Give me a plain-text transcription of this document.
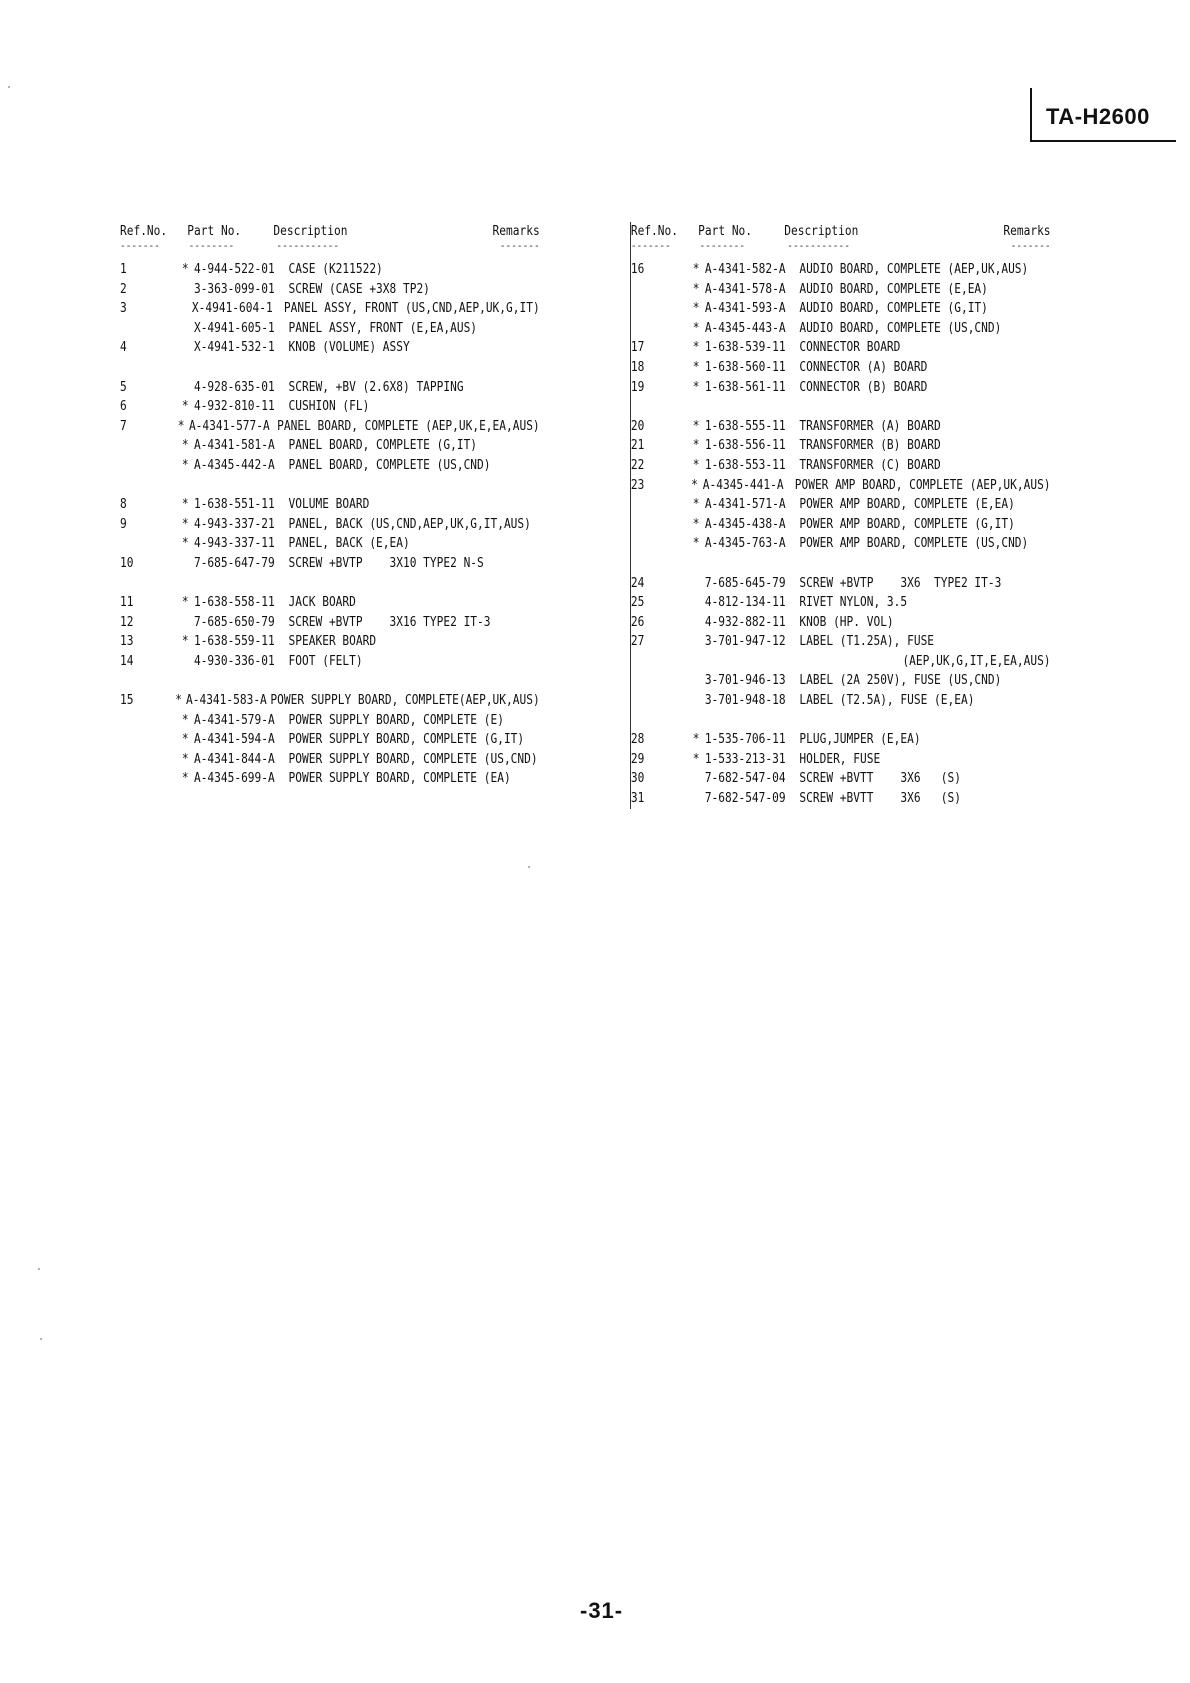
TA-H2600
Ref.No.	Part No.	Description	Remarks
-------	--------	-----------	-------
1	* 4-944-522-01	CASE (K211522)
2	3-363-099-01	SCREW (CASE +3X8 TP2)
3	X-4941-604-1 PANEL ASSY, FRONT (US,CND,AEP,UK,G,IT)
X-4941-605-1	PANEL ASSY, FRONT (E,EA,AUS)
4	X-4941-532-1	KNOB (VOLUME) ASSY
5	4-928-635-01	SCREW, +BV (2.6X8) TAPPING
6	* 4-932-810-11	CUSHION (FL)
7	* A-4341-577-A PANEL BOARD, COMPLETE (AEP,UK,E,EA,AUS)
* A-4341-581-A	PANEL BOARD, COMPLETE (G,IT)
* A-4345-442-A	PANEL BOARD, COMPLETE (US,CND)
8	* 1-638-551-11	VOLUME BOARD
9	* 4-943-337-21	PANEL, BACK (US,CND,AEP,UK,G,IT,AUS)
* 4-943-337-11	PANEL, BACK (E,EA)
10	7-685-647-79	SCREW +BVTP    3X10 TYPE2 N-S
11	* 1-638-558-11	JACK BOARD
12	7-685-650-79	SCREW +BVTP    3X16 TYPE2 IT-3
13	* 1-638-559-11	SPEAKER BOARD
14	4-930-336-01	FOOT (FELT)
15	* A-4341-583-A POWER SUPPLY BOARD, COMPLETE(AEP,UK,AUS)
* A-4341-579-A	POWER SUPPLY BOARD, COMPLETE (E)
* A-4341-594-A	POWER SUPPLY BOARD, COMPLETE (G,IT)
* A-4341-844-A	POWER SUPPLY BOARD, COMPLETE (US,CND)
* A-4345-699-A	POWER SUPPLY BOARD, COMPLETE (EA)
Ref.No.	Part No.	Description	Remarks
-------	--------	-----------	-------
16	* A-4341-582-A	AUDIO BOARD, COMPLETE (AEP,UK,AUS)
* A-4341-578-A	AUDIO BOARD, COMPLETE (E,EA)
* A-4341-593-A	AUDIO BOARD, COMPLETE (G,IT)
* A-4345-443-A	AUDIO BOARD, COMPLETE (US,CND)
17	* 1-638-539-11	CONNECTOR BOARD
18	* 1-638-560-11	CONNECTOR (A) BOARD
19	* 1-638-561-11	CONNECTOR (B) BOARD
20	* 1-638-555-11	TRANSFORMER (A) BOARD
21	* 1-638-556-11	TRANSFORMER (B) BOARD
22	* 1-638-553-11	TRANSFORMER (C) BOARD
23	* A-4345-441-A POWER AMP BOARD, COMPLETE (AEP,UK,AUS)
* A-4341-571-A	POWER AMP BOARD, COMPLETE (E,EA)
* A-4345-438-A	POWER AMP BOARD, COMPLETE (G,IT)
* A-4345-763-A	POWER AMP BOARD, COMPLETE (US,CND)
24	7-685-645-79	SCREW +BVTP    3X6  TYPE2 IT-3
25	4-812-134-11	RIVET NYLON, 3.5
26	4-932-882-11	KNOB (HP. VOL)
27	3-701-947-12	LABEL (T1.25A), FUSE
(AEP,UK,G,IT,E,EA,AUS)
3-701-946-13	LABEL (2A 250V), FUSE (US,CND)
3-701-948-18	LABEL (T2.5A), FUSE (E,EA)
28	* 1-535-706-11	PLUG,JUMPER (E,EA)
29	* 1-533-213-31	HOLDER, FUSE
30	7-682-547-04	SCREW +BVTT    3X6   (S)
31	7-682-547-09	SCREW +BVTT    3X6   (S)
-31-
